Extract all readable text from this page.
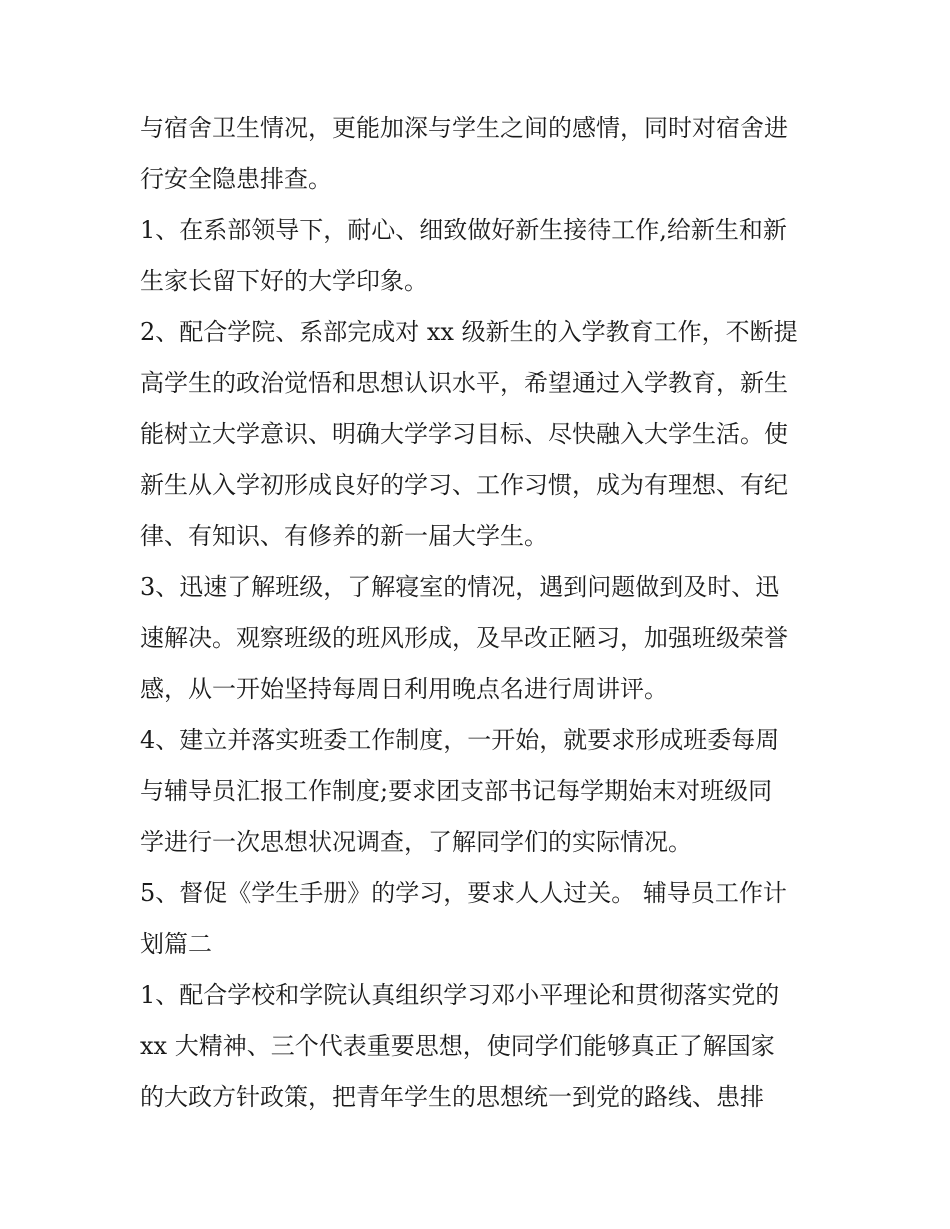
与宿舍卫生情况，更能加深与学生之间的感情，同时对宿舍进
行安全隐患排查。
1、在系部领导下，耐心、细致做好新生接待工作,给新生和新
生家长留下好的大学印象。
2、配合学院、系部完成对 xx 级新生的入学教育工作，不断提
高学生的政治觉悟和思想认识水平，希望通过入学教育，新生
能树立大学意识、明确大学学习目标、尽快融入大学生活。使
新生从入学初形成良好的学习、工作习惯，成为有理想、有纪
律、有知识、有修养的新一届大学生。
3、迅速了解班级，了解寝室的情况，遇到问题做到及时、迅
速解决。观察班级的班风形成，及早改正陋习，加强班级荣誉
感，从一开始坚持每周日利用晚点名进行周讲评。
4、建立并落实班委工作制度，一开始，就要求形成班委每周
与辅导员汇报工作制度;要求团支部书记每学期始末对班级同
学进行一次思想状况调查，了解同学们的实际情况。
5、督促《学生手册》的学习，要求人人过关。 辅导员工作计
划篇二
1、配合学校和学院认真组织学习邓小平理论和贯彻落实党的
xx 大精神、三个代表重要思想，使同学们能够真正了解国家
的大政方针政策，把青年学生的思想统一到党的路线、患排
